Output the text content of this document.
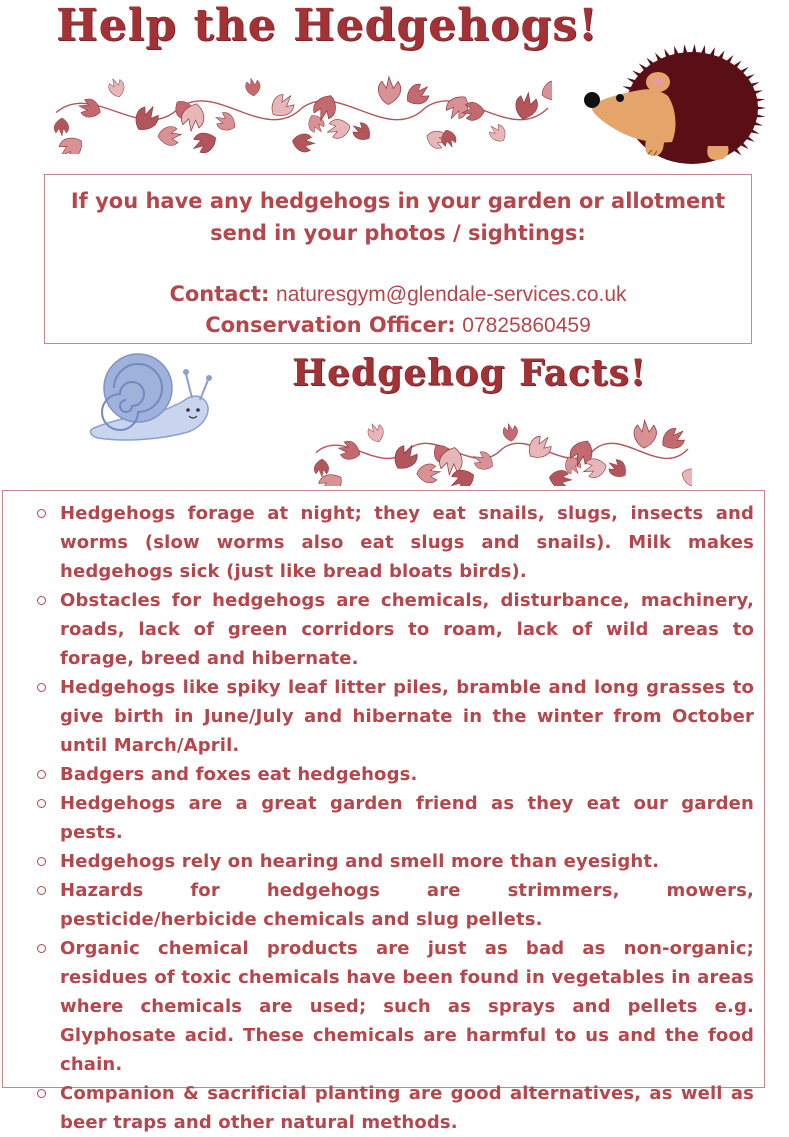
Help the Hedgehogs!

If you have any hedgehogs in your garden or allotment send in your photos / sightings:

Contact: naturesgym@glendale-services.co.uk

Conservation Officer: 07825860459

Hedgehog Facts!
Hedgehogs forage at night; they eat snails, slugs, insects and worms (slow worms also eat slugs and snails). Milk makes hedgehogs sick (just like bread bloats birds).
Obstacles for hedgehogs are chemicals, disturbance, machinery, roads, lack of green corridors to roam, lack of wild areas to forage, breed and hibernate.
Hedgehogs like spiky leaf litter piles, bramble and long grasses to give birth in June/July and hibernate in the winter from October until March/April.
Badgers and foxes eat hedgehogs.
Hedgehogs are a great garden friend as they eat our garden pests.
Hedgehogs rely on hearing and smell more than eyesight.
Hazards for hedgehogs are strimmers, mowers, pesticide/herbicide chemicals and slug pellets.
Organic chemical products are just as bad as non-organic; residues of toxic chemicals have been found in vegetables in areas where chemicals are used; such as sprays and pellets e.g. Glyphosate acid. These chemicals are harmful to us and the food chain.
Companion & sacrificial planting are good alternatives, as well as beer traps and other natural methods.
